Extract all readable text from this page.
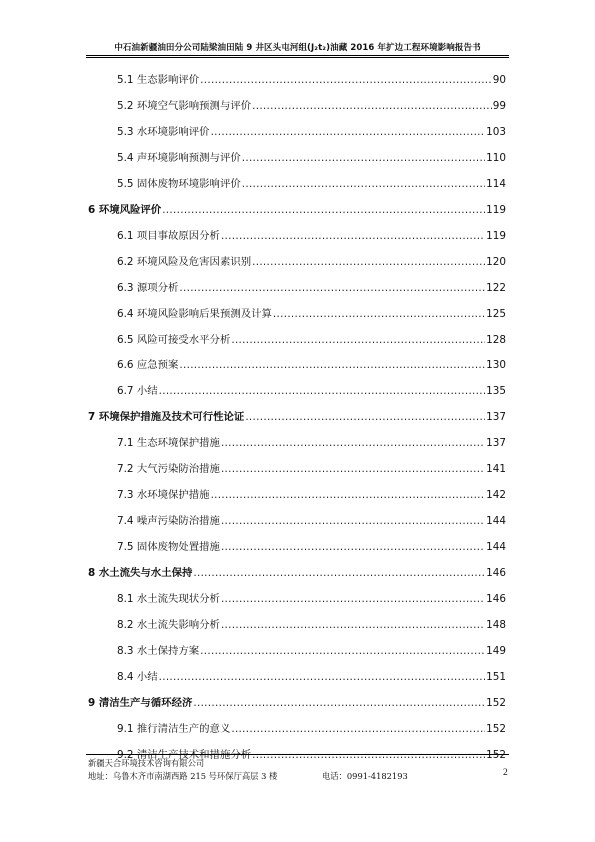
中石油新疆油田分公司陆梁油田陆 9 井区头屯河组(J₂t₂)油藏 2016 年扩边工程环境影响报告书
5.1 生态影响评价 .....	90
5.2 环境空气影响预测与评价 .....	99
5.3 水环境影响评价 .....	103
5.4 声环境影响预测与评价 .....	110
5.5 固体废物环境影响评价 .....	114
6 环境风险评价 .....	119
6.1 项目事故原因分析 .....	119
6.2 环境风险及危害因素识别 .....	120
6.3 源项分析 .....	122
6.4 环境风险影响后果预测及计算 .....	125
6.5 风险可接受水平分析 .....	128
6.6 应急预案 .....	130
6.7 小结 .....	135
7 环境保护措施及技术可行性论证 .....	137
7.1 生态环境保护措施 .....	137
7.2 大气污染防治措施 .....	141
7.3 水环境保护措施 .....	142
7.4 噪声污染防治措施 .....	144
7.5 固体废物处置措施 .....	144
8 水土流失与水土保持 .....	146
8.1 水土流失现状分析 .....	146
8.2 水土流失影响分析 .....	148
8.3 水土保持方案 .....	149
8.4 小结 .....	151
9 清洁生产与循环经济 .....	152
9.1 推行清洁生产的意义 .....	152
9.2 清洁生产技术和措施分析 .....	152
新疆天合环境技术咨询有限公司
地址：乌鲁木齐市南湖西路 215 号环保厅高层 3 楼	电话：0991-4182193	2
